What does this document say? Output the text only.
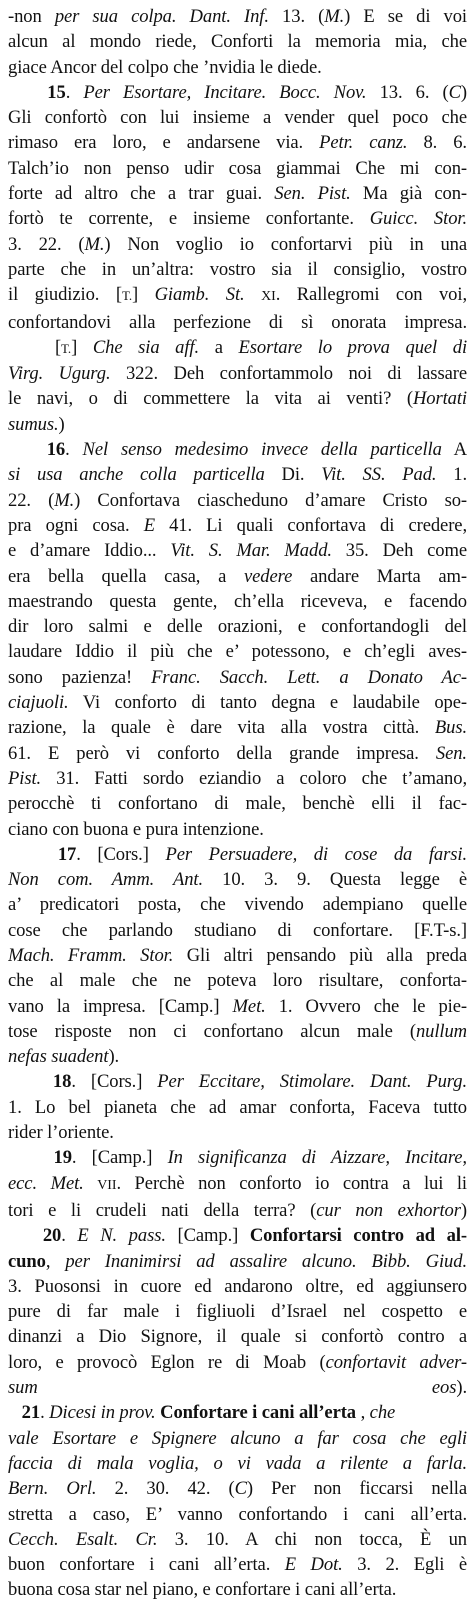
-non per sua colpa. Dant. Inf. 13. (M.) E se di voi
alcun al mondo riede, Conforti la memoria mia, che
giace Ancor del colpo che ’nvidia le diede.
15. Per Esortare, Incitare. Bocc. Nov. 13. 6. (C)
Gli confortò con lui insieme a vender quel poco che
rimaso era loro, e andarsene via. Petr. canz. 8. 6.
Talch’io non penso udir cosa giammai Che mi con-
forte ad altro che a trar guai. Sen. Pist. Ma già con-
fortò te corrente, e insieme confortante. Guicc. Stor.
3. 22. (M.) Non voglio io confortarvi più in una
parte che in un’altra: vostro sia il consiglio, vostro
il giudizio. [T.] Giamb. St. XI. Rallegromi con voi,
confortandovi alla perfezione di sì onorata impresa.
[T.] Che sia aff. a Esortare lo prova quel di
Virg. Ugurg. 322. Deh confortammolo noi di lassare
le navi, o di commettere la vita ai venti? (Hortati
sumus.)
16. Nel senso medesimo invece della particella A
si usa anche colla particella Di. Vit. SS. Pad. 1.
22. (M.) Confortava ciascheduno d’amare Cristo so-
pra ogni cosa. E 41. Li quali confortava di credere,
e d’amare Iddio... Vit. S. Mar. Madd. 35. Deh come
era bella quella casa, a vedere andare Marta am-
maestrando questa gente, ch’ella riceveva, e facendo
dir loro salmi e delle orazioni, e confortandogli del
laudare Iddio il più che e’ potessono, e ch’egli aves-
sono pazienza! Franc. Sacch. Lett. a Donato Ac-
ciajuoli. Vi conforto di tanto degna e laudabile ope-
razione, la quale è dare vita alla vostra città. Bus.
61. E però vi conforto della grande impresa. Sen.
Pist. 31. Fatti sordo eziandio a coloro che t’amano,
perocchè ti confortano di male, benchè elli il fac-
ciano con buona e pura intenzione.
17. [Cors.] Per Persuadere, di cose da farsi.
Non com. Amm. Ant. 10. 3. 9. Questa legge è
a’ predicatori posta, che vivendo adempiano quelle
cose che parlando studiano di confortare. [F.T-s.]
Mach. Framm. Stor. Gli altri pensando più alla preda
che al male che ne poteva loro risultare, conforta-
vano la impresa. [Camp.] Met. 1. Ovvero che le pie-
tose risposte non ci confortano alcun male (nullum
nefas suadent).
18. [Cors.] Per Eccitare, Stimolare. Dant. Purg.
1. Lo bel pianeta che ad amar conforta, Faceva tutto
rider l’oriente.
19. [Camp.] In significanza di Aizzare, Incitare,
ecc. Met. VII. Perchè non conforto io contra a lui li
tori e li crudeli nati della terra? (cur non exhortor)
20. E N. pass. [Camp.] Confortarsi contro ad al-
cuno, per Inanimirsi ad assalire alcuno. Bibb. Giud.
3. Puosonsi in cuore ed andarono oltre, ed aggiunsero
pure di far male i figliuoli d’Israel nel cospetto e
dinanzi a Dio Signore, il quale si confortò contro a
loro, e provocò Eglon re di Moab (confortavit adver-
sum eos).
21. Dicesi in prov. Confortare i cani all’erta , che
vale Esortare e Spignere alcuno a far cosa che egli
faccia di mala voglia, o vi vada a rilente a farla.
Bern. Orl. 2. 30. 42. (C) Per non ficcarsi nella
stretta a caso, E’ vanno confortando i cani all’erta.
Cecch. Esalt. Cr. 3. 10. A chi non tocca, È un
buon confortare i cani all’erta. E Dot. 3. 2. Egli è
buona cosa star nel piano, e confortare i cani all’erta.
